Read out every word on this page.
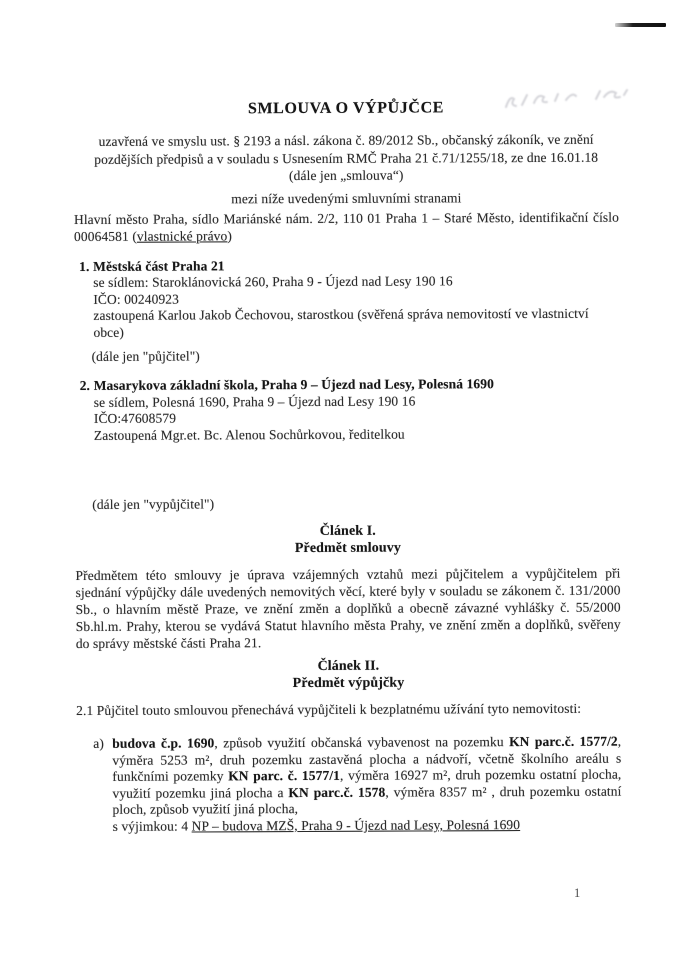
SMLOUVA O VÝPŮJČCE
uzavřená ve smyslu ust. § 2193 a násl. zákona č. 89/2012 Sb., občanský zákoník, ve znění pozdějších předpisů a v souladu s Usnesením RMČ Praha 21 č.71/1255/18, ze dne 16.01.18 (dále jen „smlouva“)
mezi níže uvedenými smluvními stranami
Hlavní město Praha, sídlo Mariánské nám. 2/2, 110 01 Praha 1 – Staré Město, identifikační číslo 00064581 (vlastnické právo)
1. Městská část Praha 21
se sídlem: Staroklánovická 260, Praha 9 - Újezd nad Lesy 190 16
IČO: 00240923
zastoupená Karlou Jakob Čechovou, starostkou (svěřená správa nemovitostí ve vlastnictví obce)
(dále jen "půjčitel")
2. Masarykova základní škola, Praha 9 – Újezd nad Lesy, Polesná 1690
se sídlem, Polesná 1690, Praha 9 – Újezd nad Lesy 190 16
IČO:47608579
Zastoupená Mgr.et. Bc. Alenou Sochůrkovou, ředitelkou
(dále jen "vypůjčitel")
Článek I.
Předmět smlouvy
Předmětem této smlouvy je úprava vzájemných vztahů mezi půjčitelem a vypůjčitelem při sjednání výpůjčky dále uvedených nemovitých věcí, které byly v souladu se zákonem č. 131/2000 Sb., o hlavním městě Praze, ve znění změn a doplňků a obecně závazné vyhlášky č. 55/2000 Sb.hl.m. Prahy, kterou se vydává Statut hlavního města Prahy, ve znění změn a doplňků, svěřeny do správy městské části Praha 21.
Článek II.
Předmět výpůjčky
2.1 Půjčitel touto smlouvou přenechává vypůjčiteli k bezplatnému užívání tyto nemovitosti:
a) budova č.p. 1690, způsob využití občanská vybavenost na pozemku KN parc.č. 1577/2, výměra 5253 m², druh pozemku zastavěná plocha a nádvoří, včetně školního areálu s funkčními pozemky KN parc. č. 1577/1, výměra 16927 m², druh pozemku ostatní plocha, využití pozemku jiná plocha a KN parc.č. 1578, výměra 8357 m² , druh pozemku ostatní ploch, způsob využití jiná plocha,
s výjimkou: 4 NP – budova MZŠ, Praha 9 - Újezd nad Lesy, Polesná 1690
1
